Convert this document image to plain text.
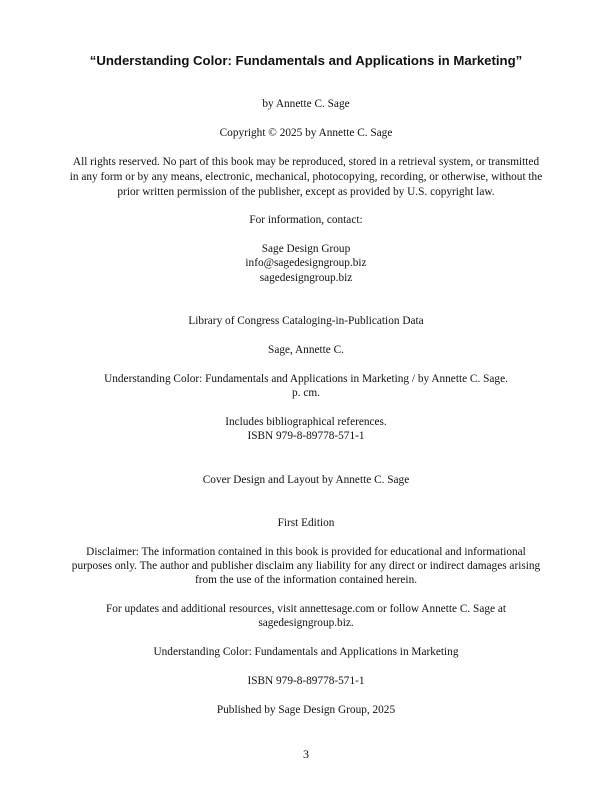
“Understanding Color: Fundamentals and Applications in Marketing”

by Annette C. Sage

Copyright © 2025 by Annette C. Sage

All rights reserved. No part of this book may be reproduced, stored in a retrieval system, or transmitted

in any form or by any means, electronic, mechanical, photocopying, recording, or otherwise, without the

prior written permission of the publisher, except as provided by U.S. copyright law.

For information, contact:

Sage Design Group

info@sagedesigngroup.biz

sagedesigngroup.biz

Library of Congress Cataloging-in-Publication Data

Sage, Annette C.

Understanding Color: Fundamentals and Applications in Marketing / by Annette C. Sage.

p. cm.

Includes bibliographical references.

ISBN 979-8-89778-571-1

Cover Design and Layout by Annette C. Sage

First Edition

Disclaimer: The information contained in this book is provided for educational and informational

purposes only. The author and publisher disclaim any liability for any direct or indirect damages arising

from the use of the information contained herein.

For updates and additional resources, visit annettesage.com or follow Annette C. Sage at

sagedesigngroup.biz.

Understanding Color: Fundamentals and Applications in Marketing

ISBN 979-8-89778-571-1

Published by Sage Design Group, 2025

3
